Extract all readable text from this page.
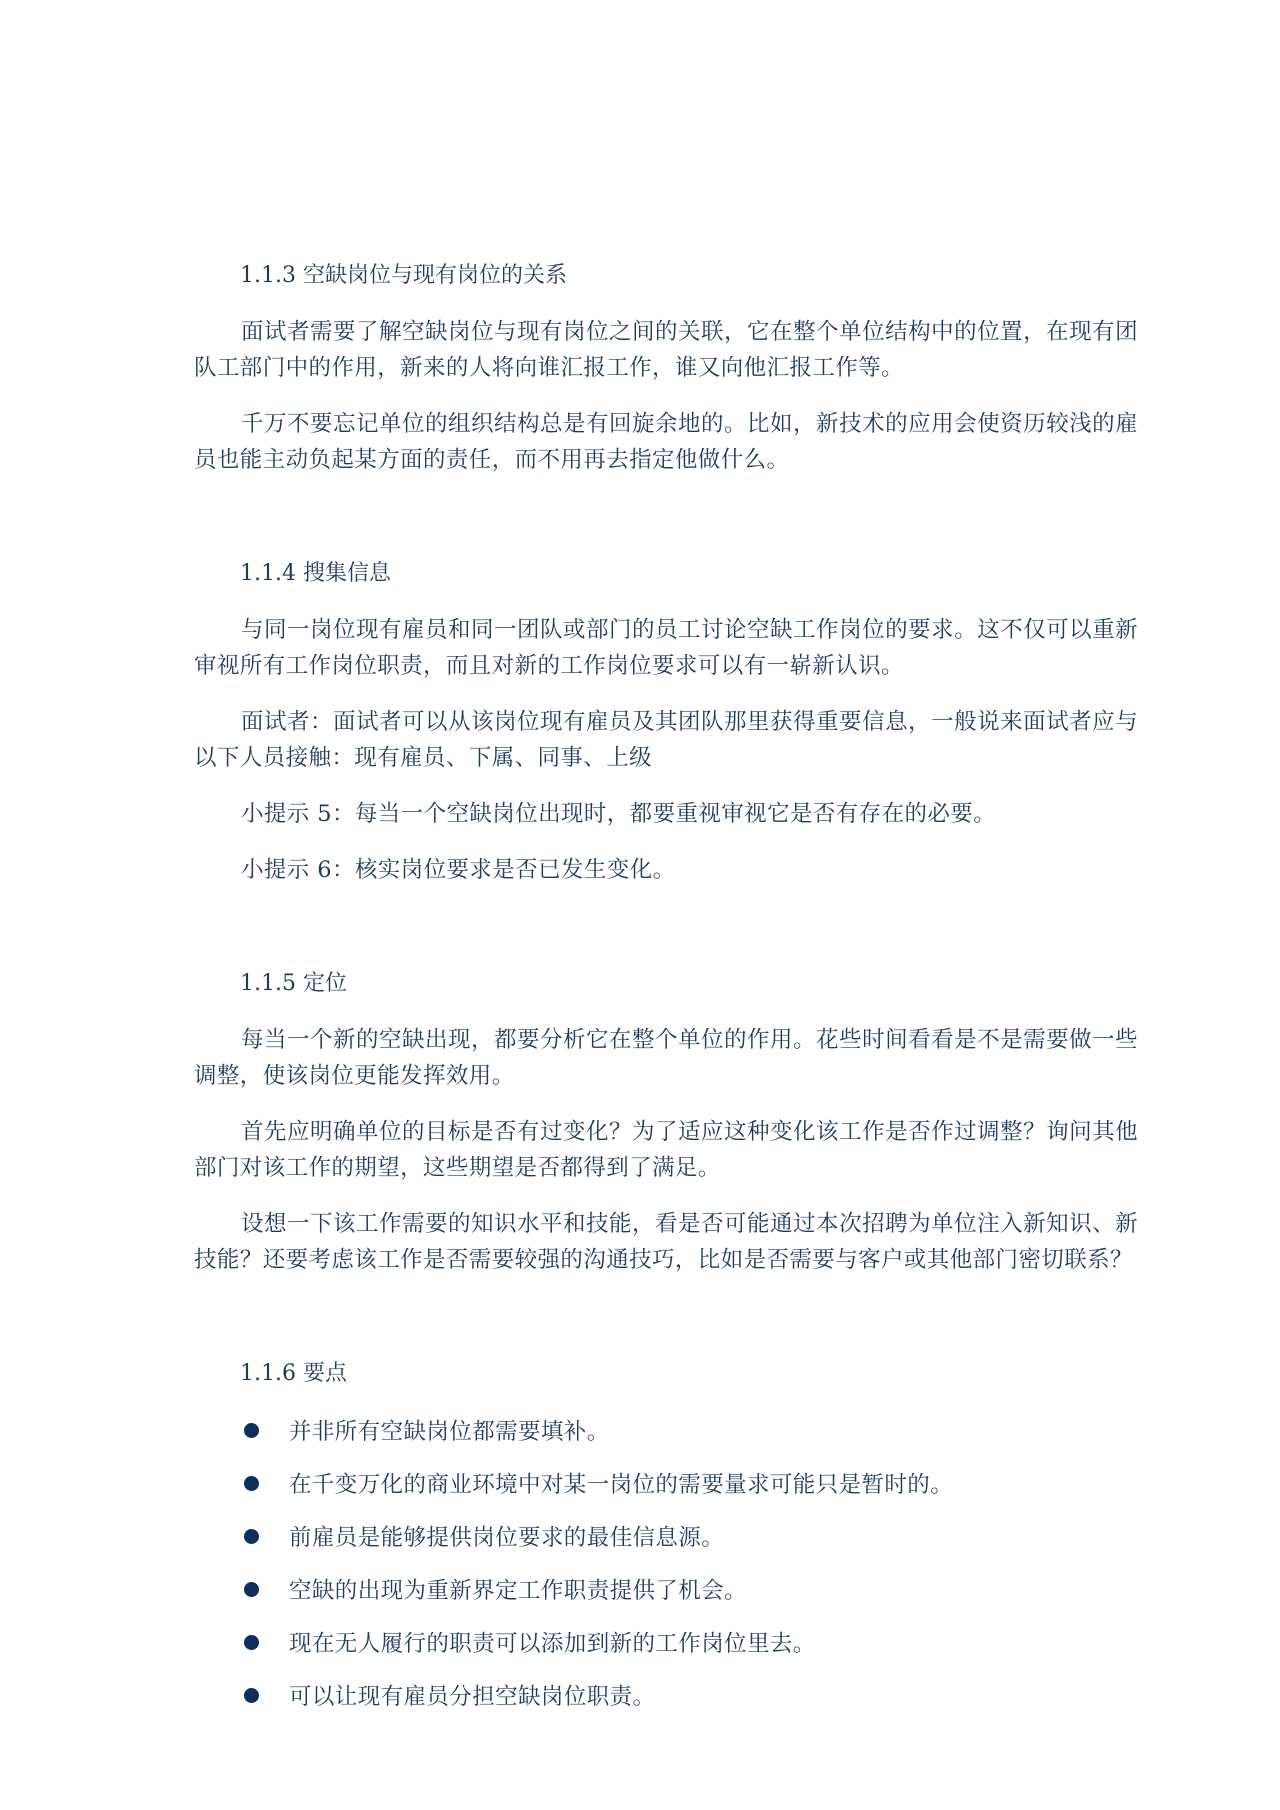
1.1.3 空缺岗位与现有岗位的关系

面试者需要了解空缺岗位与现有岗位之间的关联，它在整个单位结构中的位置，在现有团队工部门中的作用，新来的人将向谁汇报工作，谁又向他汇报工作等。

千万不要忘记单位的组织结构总是有回旋余地的。比如，新技术的应用会使资历较浅的雇员也能主动负起某方面的责任，而不用再去指定他做什么。

1.1.4 搜集信息

与同一岗位现有雇员和同一团队或部门的员工讨论空缺工作岗位的要求。这不仅可以重新审视所有工作岗位职责，而且对新的工作岗位要求可以有一崭新认识。

面试者：面试者可以从该岗位现有雇员及其团队那里获得重要信息，一般说来面试者应与以下人员接触：现有雇员、下属、同事、上级

小提示 5：每当一个空缺岗位出现时，都要重视审视它是否有存在的必要。

小提示 6：核实岗位要求是否已发生变化。

1.1.5 定位

每当一个新的空缺出现，都要分析它在整个单位的作用。花些时间看看是不是需要做一些调整，使该岗位更能发挥效用。

首先应明确单位的目标是否有过变化？为了适应这种变化该工作是否作过调整？询问其他部门对该工作的期望，这些期望是否都得到了满足。

设想一下该工作需要的知识水平和技能，看是否可能通过本次招聘为单位注入新知识、新技能？还要考虑该工作是否需要较强的沟通技巧，比如是否需要与客户或其他部门密切联系？

1.1.6 要点
并非所有空缺岗位都需要填补。
在千变万化的商业环境中对某一岗位的需要量求可能只是暂时的。
前雇员是能够提供岗位要求的最佳信息源。
空缺的出现为重新界定工作职责提供了机会。
现在无人履行的职责可以添加到新的工作岗位里去。
可以让现有雇员分担空缺岗位职责。
